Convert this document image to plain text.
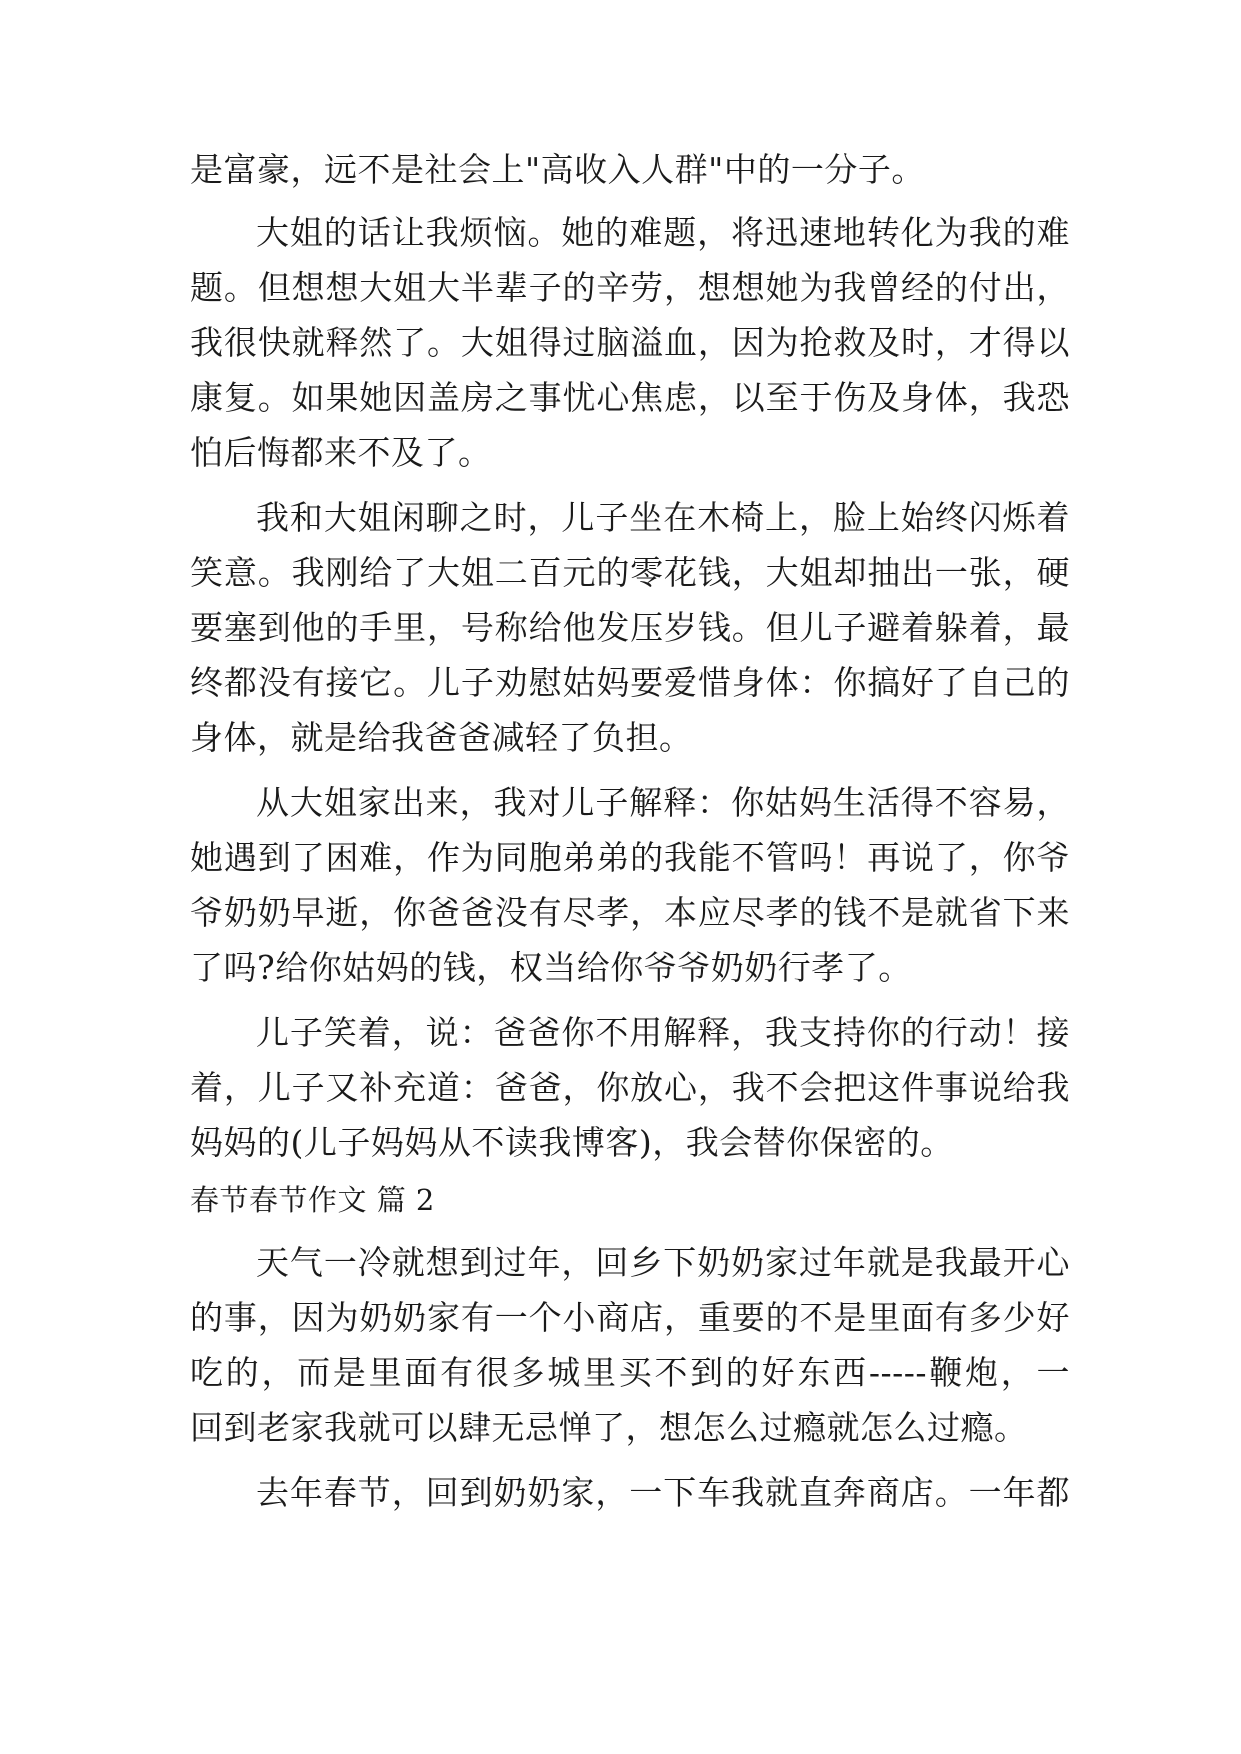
是富豪，远不是社会上"高收入人群"中的一分子。
大姐的话让我烦恼。她的难题，将迅速地转化为我的难
题。但想想大姐大半辈子的辛劳，想想她为我曾经的付出，
我很快就释然了。大姐得过脑溢血，因为抢救及时，才得以
康复。如果她因盖房之事忧心焦虑，以至于伤及身体，我恐
怕后悔都来不及了。
我和大姐闲聊之时，儿子坐在木椅上，脸上始终闪烁着
笑意。我刚给了大姐二百元的零花钱，大姐却抽出一张，硬
要塞到他的手里，号称给他发压岁钱。但儿子避着躲着，最
终都没有接它。儿子劝慰姑妈要爱惜身体：你搞好了自己的
身体，就是给我爸爸减轻了负担。
从大姐家出来，我对儿子解释：你姑妈生活得不容易，
她遇到了困难，作为同胞弟弟的我能不管吗！再说了，你爷
爷奶奶早逝，你爸爸没有尽孝，本应尽孝的钱不是就省下来
了吗?给你姑妈的钱，权当给你爷爷奶奶行孝了。
儿子笑着，说：爸爸你不用解释，我支持你的行动！接
着，儿子又补充道：爸爸，你放心，我不会把这件事说给我
妈妈的(儿子妈妈从不读我博客)，我会替你保密的。
春节春节作文 篇 2
天气一冷就想到过年，回乡下奶奶家过年就是我最开心
的事，因为奶奶家有一个小商店，重要的不是里面有多少好
吃的，而是里面有很多城里买不到的好东西-----鞭炮，一
回到老家我就可以肆无忌惮了，想怎么过瘾就怎么过瘾。
去年春节，回到奶奶家，一下车我就直奔商店。一年都
